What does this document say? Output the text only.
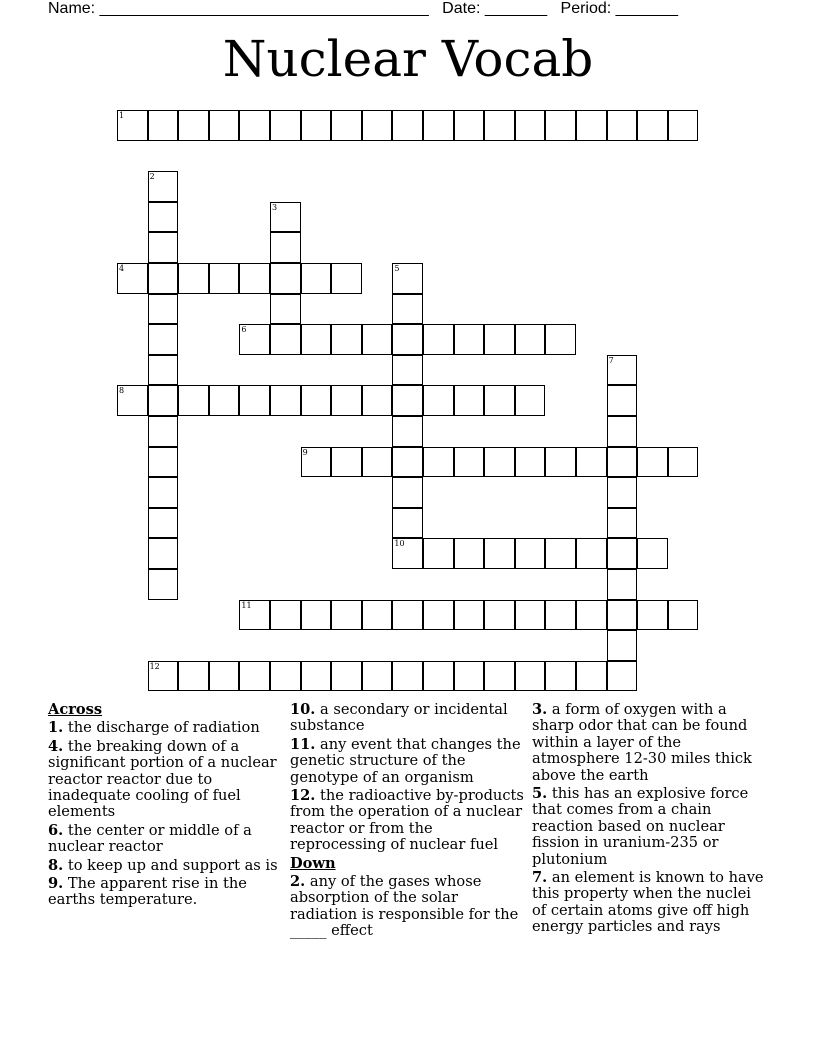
Name: _____________________________________ Date: _______ Period: _______
Nuclear Vocab
1
2
3
4	5
10
6
7
8
9
11
12
Across
1. the discharge of radiation
4. the breaking down of a significant portion of a nuclear reactor reactor due to inadequate cooling of fuel elements
6. the center or middle of a nuclear reactor
8. to keep up and support as is
9. The apparent rise in the earths temperature.
10. a secondary or incidental substance
11. any event that changes the genetic structure of the genotype of an organism
12. the radioactive by-products from the operation of a nuclear reactor or from the reprocessing of nuclear fuel
Down
2. any of the gases whose absorption of the solar radiation is responsible for the _____ effect
3. a form of oxygen with a sharp odor that can be found within a layer of the atmosphere 12-30 miles thick above the earth
5. this has an explosive force that comes from a chain reaction based on nuclear fission in uranium-235 or plutonium
7. an element is known to have this property when the nuclei of certain atoms give off high energy particles and rays
